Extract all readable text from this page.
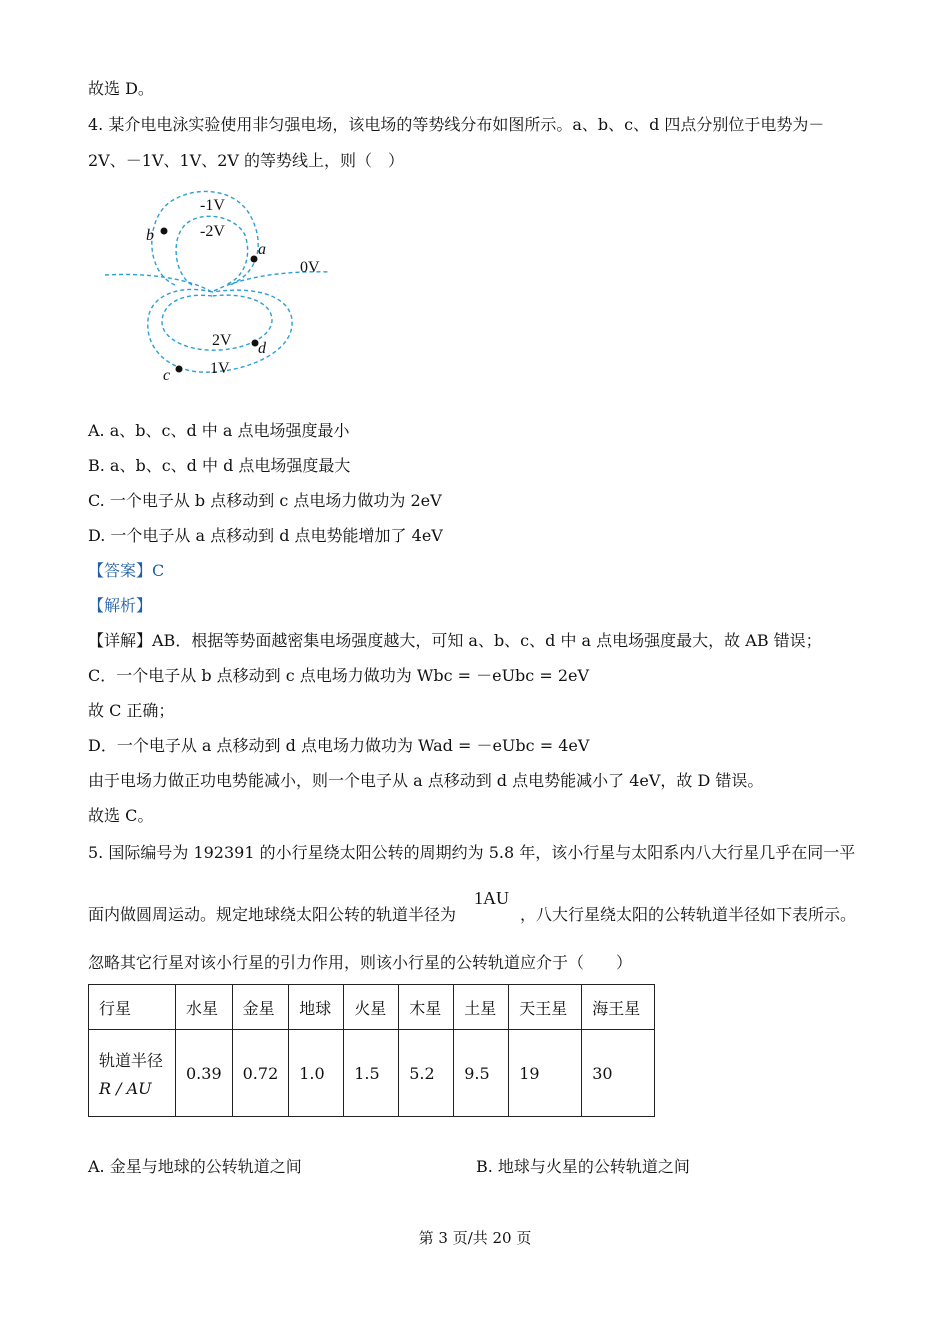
故选 D。
4. 某介电电泳实验使用非匀强电场，该电场的等势线分布如图所示。a、b、c、d 四点分别位于电势为－
2V、－1V、1V、2V 的等势线上，则（　）
-1V
-2V
0V
2V
1V
a
b
c
d
A. a、b、c、d 中 a 点电场强度最小
B. a、b、c、d 中 d 点电场强度最大
C. 一个电子从 b 点移动到 c 点电场力做功为 2eV
D. 一个电子从 a 点移动到 d 点电势能增加了 4eV
【答案】C
【解析】
【详解】AB．根据等势面越密集电场强度越大，可知 a、b、c、d 中 a 点电场强度最大，故 AB 错误；
C．一个电子从 b 点移动到 c 点电场力做功为 Wbc = －eUbc = 2eV
故 C 正确；
D．一个电子从 a 点移动到 d 点电场力做功为 Wad = －eUbc = 4eV
由于电场力做正功电势能减小，则一个电子从 a 点移动到 d 点电势能减小了 4eV，故 D 错误。
故选 C。
5. 国际编号为 192391 的小行星绕太阳公转的周期约为 5.8 年，该小行星与太阳系内八大行星几乎在同一平
1AU
面内做圆周运动。规定地球绕太阳公转的轨道半径为　　　　，八大行星绕太阳的公转轨道半径如下表所示。
忽略其它行星对该小行星的引力作用，则该小行星的公转轨道应介于（　　）
行星	水星	金星	地球	火星	木星	土星	天王星	海王星

轨道半径
R / AU	0.39	0.72	1.0	1.5	5.2	9.5	19	30
A. 金星与地球的公转轨道之间	B. 地球与火星的公转轨道之间
第 3 页/共 20 页
